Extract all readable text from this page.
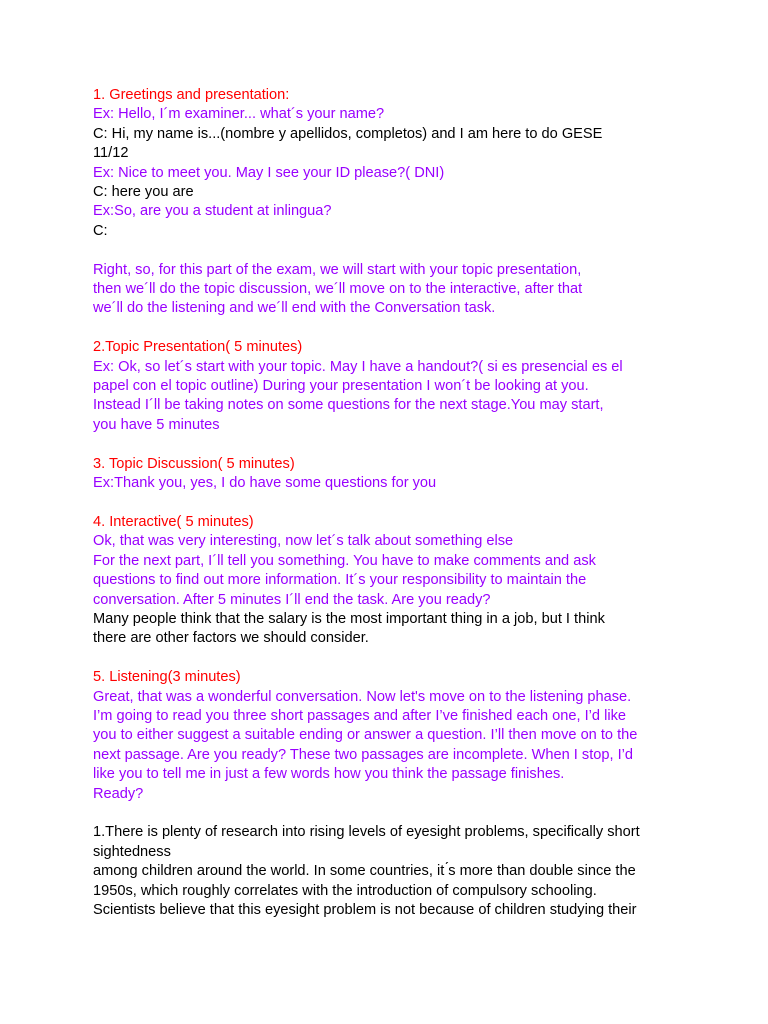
1. Greetings and presentation:
Ex: Hello, I´m examiner... what´s your name?
C: Hi, my name is...(nombre y apellidos, completos) and I am here to do GESE
11/12
Ex: Nice to meet you. May I see your ID please?( DNI)
C: here you are
Ex:So, are you a student at inlingua?
C:
Right, so, for this part of the exam, we will start with your topic presentation,
then we´ll do the topic discussion, we´ll move on to the interactive, after that
we´ll do the listening and we´ll end with the Conversation task.
2.Topic Presentation( 5 minutes)
Ex: Ok, so let´s start with your topic. May I have a handout?( si es presencial es el
papel con el topic outline) During your presentation I won´t be looking at you.
Instead I´ll be taking notes on some questions for the next stage.You may start,
you have 5 minutes
3. Topic Discussion( 5 minutes)
Ex:Thank you, yes, I do have some questions for you
4. Interactive( 5 minutes)
Ok, that was very interesting, now let´s talk about something else
For the next part, I´ll tell you something. You have to make comments and ask
questions to find out more information. It´s your responsibility to maintain the
conversation. After 5 minutes I´ll end the task. Are you ready?
Many people think that the salary is the most important thing in a job, but I think
there are other factors we should consider.
5. Listening(3 minutes)
Great, that was a wonderful conversation. Now let's move on to the listening phase.
I’m going to read you three short passages and after I’ve finished each one, I’d like
you to either suggest a suitable ending or answer a question. I’ll then move on to the
next passage. Are you ready? These two passages are incomplete. When I stop, I’d
like you to tell me in just a few words how you think the passage finishes.
Ready?
1.There is plenty of research into rising levels of eyesight problems, specifically short
sightedness
among children around the world. In some countries, it ́s more than double since the
1950s, which roughly correlates with the introduction of compulsory schooling.
Scientists believe that this eyesight problem is not because of children studying their
